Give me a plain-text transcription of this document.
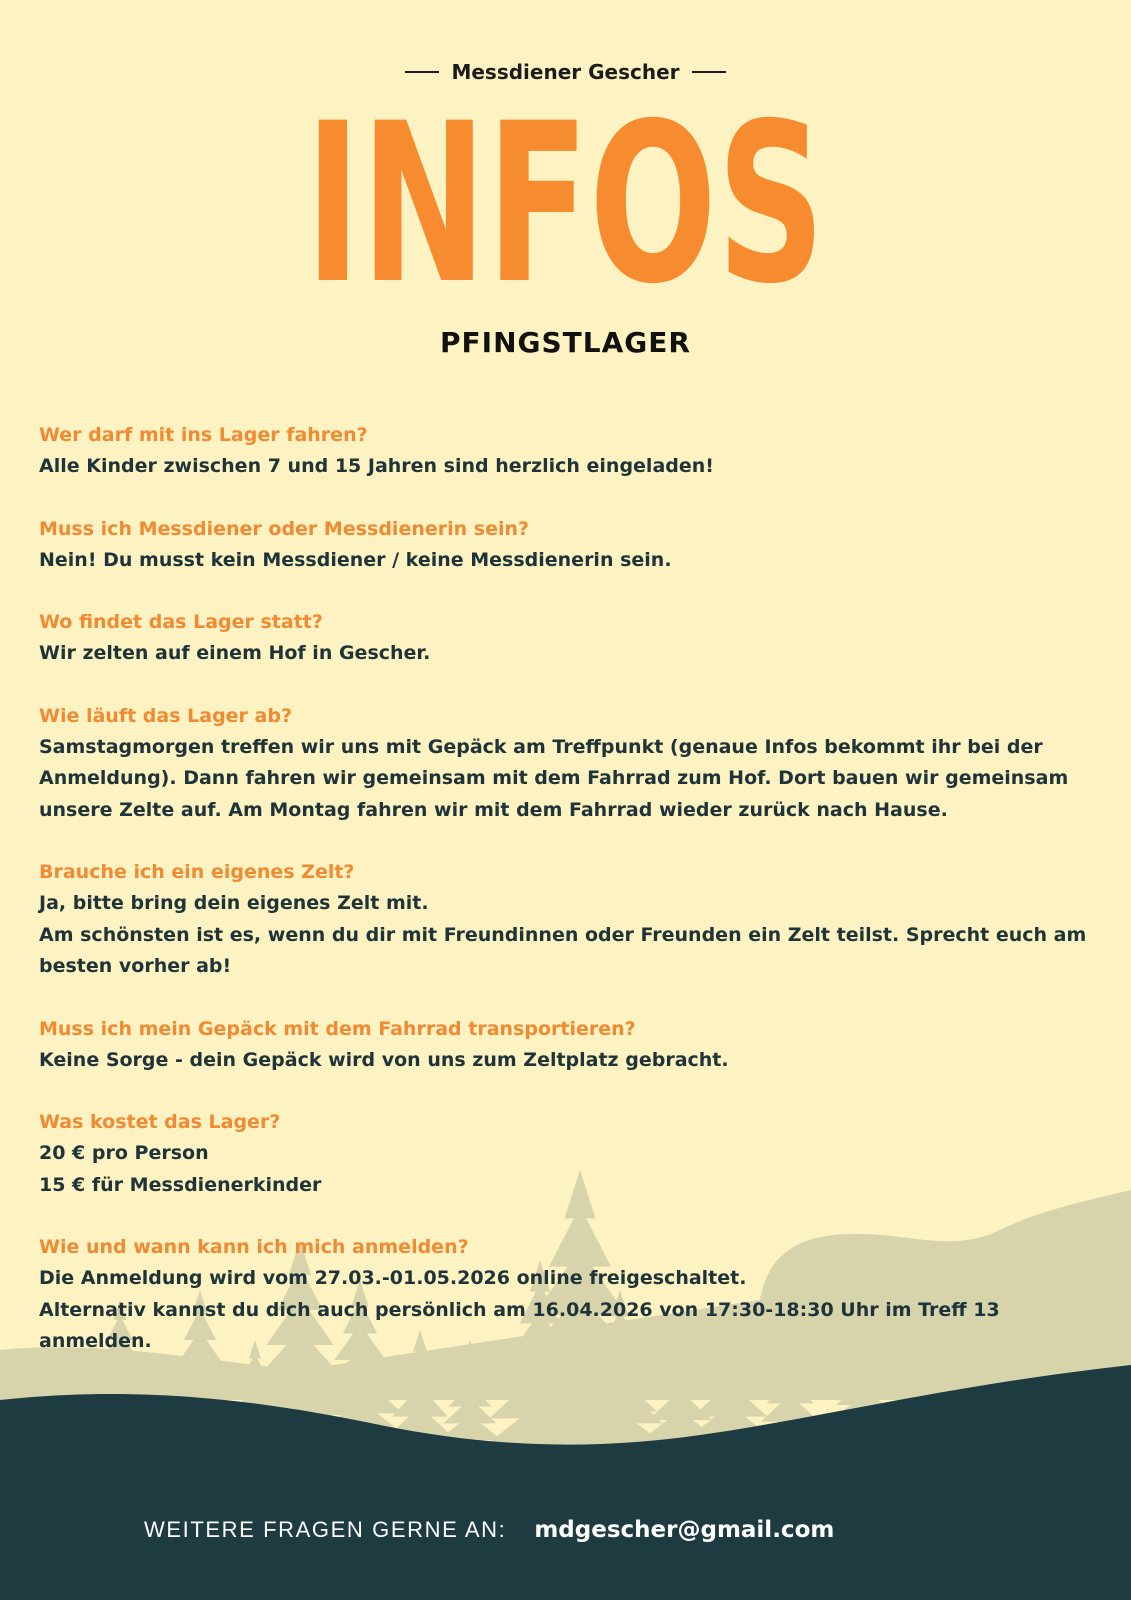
Messdiener Gescher
INFOS
PFINGSTLAGER
Wer darf mit ins Lager fahren?
Alle Kinder zwischen 7 und 15 Jahren sind herzlich eingeladen!
Muss ich Messdiener oder Messdienerin sein?
Nein! Du musst kein Messdiener / keine Messdienerin sein.
Wo findet das Lager statt?
Wir zelten auf einem Hof in Gescher.
Wie läuft das Lager ab?
Samstagmorgen treffen wir uns mit Gepäck am Treffpunkt (genaue Infos bekommt ihr bei der Anmeldung). Dann fahren wir gemeinsam mit dem Fahrrad zum Hof. Dort bauen wir gemeinsam unsere Zelte auf. Am Montag fahren wir mit dem Fahrrad wieder zurück nach Hause.
Brauche ich ein eigenes Zelt?
Ja, bitte bring dein eigenes Zelt mit.
Am schönsten ist es, wenn du dir mit Freundinnen oder Freunden ein Zelt teilst. Sprecht euch am besten vorher ab!
Muss ich mein Gepäck mit dem Fahrrad transportieren?
Keine Sorge - dein Gepäck wird von uns zum Zeltplatz gebracht.
Was kostet das Lager?
20 € pro Person
15 € für Messdienerkinder
Wie und wann kann ich mich anmelden?
Die Anmeldung wird vom 27.03.-01.05.2026 online freigeschaltet.
Alternativ kannst du dich auch persönlich am 16.04.2026 von 17:30-18:30 Uhr im Treff 13 anmelden.
WEITERE FRAGEN GERNE AN: mdgescher@gmail.com
